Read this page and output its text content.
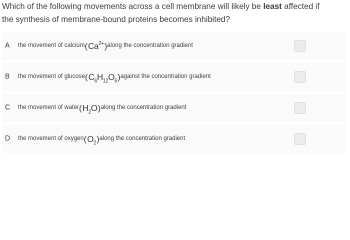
Which of the following movements across a cell membrane will likely be least affected if
the synthesis of membrane-bound proteins becomes inhibited?
A the movement of calcium ( $Ca^{2+}$ ) along the concentration gradient
B the movement of glucose ( $C_6H_{12}O_6$ ) against the concentration gradient
C the movement of water ( $H_2O$ ) along the concentration gradient
D the movement of oxygen ( $O_2$ ) along the concentration gradient
